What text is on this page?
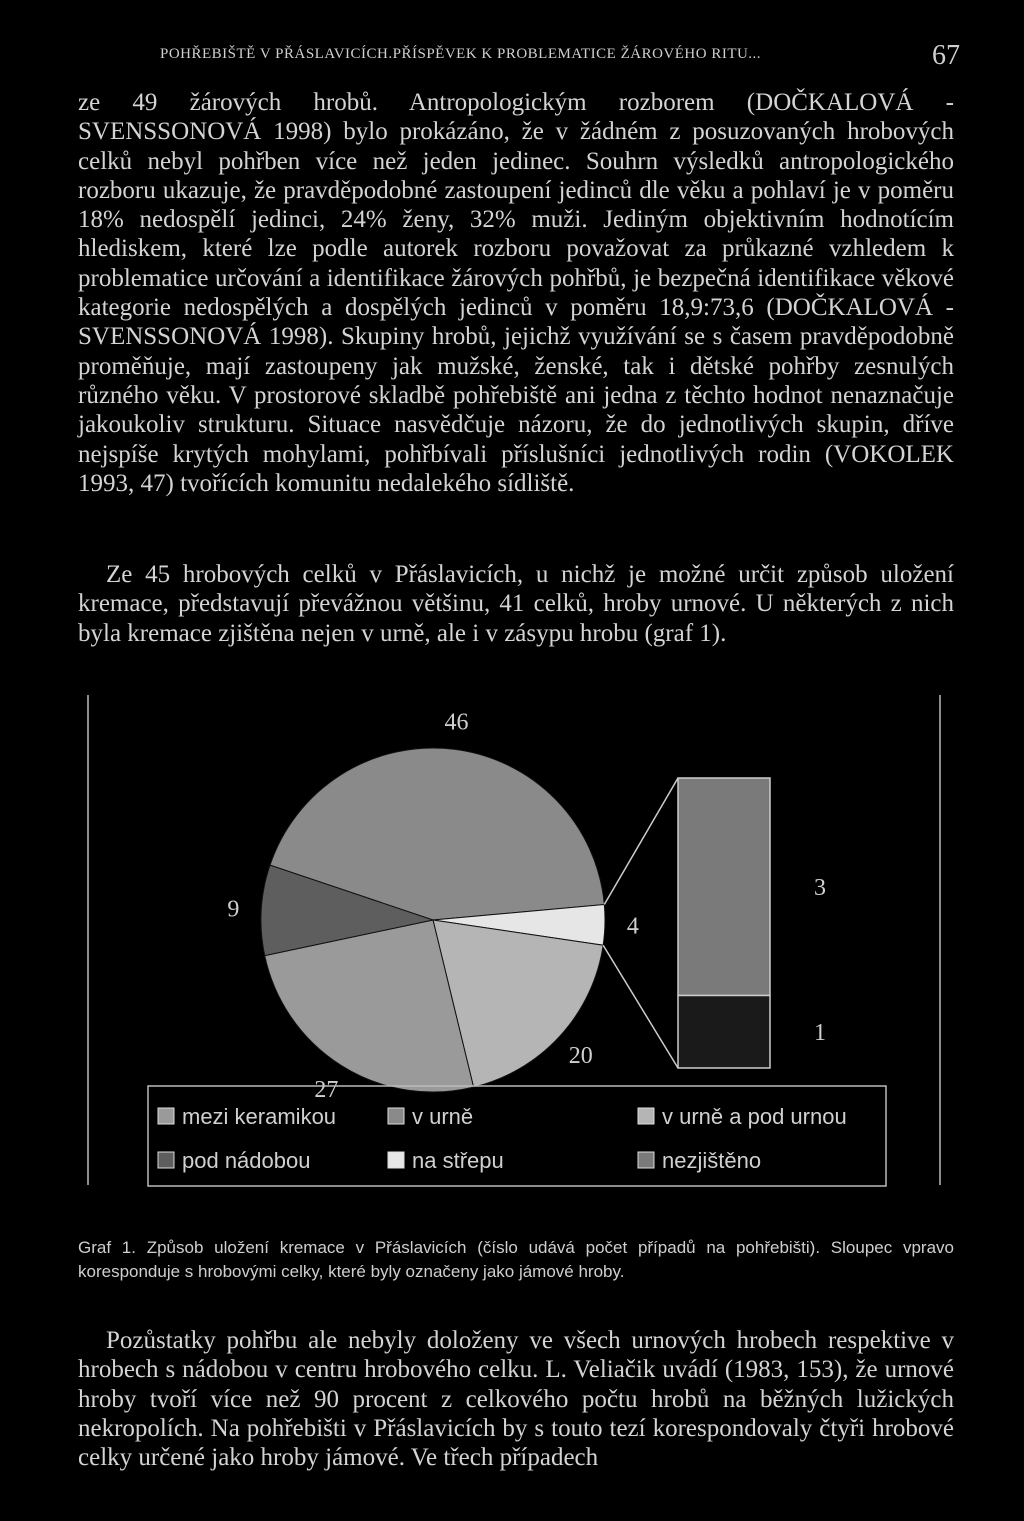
POHŘEBIŠTĚ V PŘÁSLAVICÍCH.PŘÍSPĚVEK K PROBLEMATICE ŽÁROVÉHO RITU...	67

ze 49 žárových hrobů. Antropologickým rozborem (DOČKALOVÁ - SVENSSONOVÁ 1998) bylo prokázáno, že v žádném z posuzovaných hrobových celků nebyl pohřben více než jeden jedinec. Souhrn výsledků antropologického rozboru ukazuje, že pravděpodobné zastoupení jedinců dle věku a pohlaví je v poměru 18% nedospělí jedinci, 24% ženy, 32% muži. Jediným objektivním hodnotícím hlediskem, které lze podle autorek rozboru považovat za průkazné vzhledem k problematice určování a identifikace žárových pohřbů, je bezpečná identifikace věkové kategorie nedospělých a dospělých jedinců v poměru 18,9:73,6 (DOČKALOVÁ - SVENSSONOVÁ 1998). Skupiny hrobů, jejichž využívání se s časem pravděpodobně proměňuje, mají zastoupeny jak mužské, ženské, tak i dětské pohřby zesnulých různého věku. V prostorové skladbě pohřebiště ani jedna z těchto hodnot nenaznačuje jakoukoliv strukturu. Situace nasvědčuje názoru, že do jednotlivých skupin, dříve nejspíše krytých mohylami, pohřbívali příslušníci jednotlivých rodin (VOKOLEK 1993, 47) tvořících komunitu nedalekého sídliště.

Ze 45 hrobových celků v Přáslavicích, u nichž je možné určit způsob uložení kremace, představují převážnou většinu, 41 celků, hroby urnové. U některých z nich byla kremace zjištěna nejen v urně, ale i v zásypu hrobu (graf 1).

46
4
20
27
9
3
1
mezi keramikou	v urně	v urně a pod urnou
pod nádobou	na střepu	nezjištěno

Graf 1. Způsob uložení kremace v Přáslavicích (číslo udává počet případů na pohřebišti). Sloupec vpravo koresponduje s hrobovými celky, které byly označeny jako jámové hroby.

Pozůstatky pohřbu ale nebyly doloženy ve všech urnových hrobech respektive v hrobech s nádobou v centru hrobového celku. L. Veliačik uvádí (1983, 153), že urnové hroby tvoří více než 90 procent z celkového počtu hrobů na běžných lužických nekropolích. Na pohřebišti v Přáslavicích by s touto tezí korespondovaly čtyři hrobové celky určené jako hroby jámové. Ve třech případech
